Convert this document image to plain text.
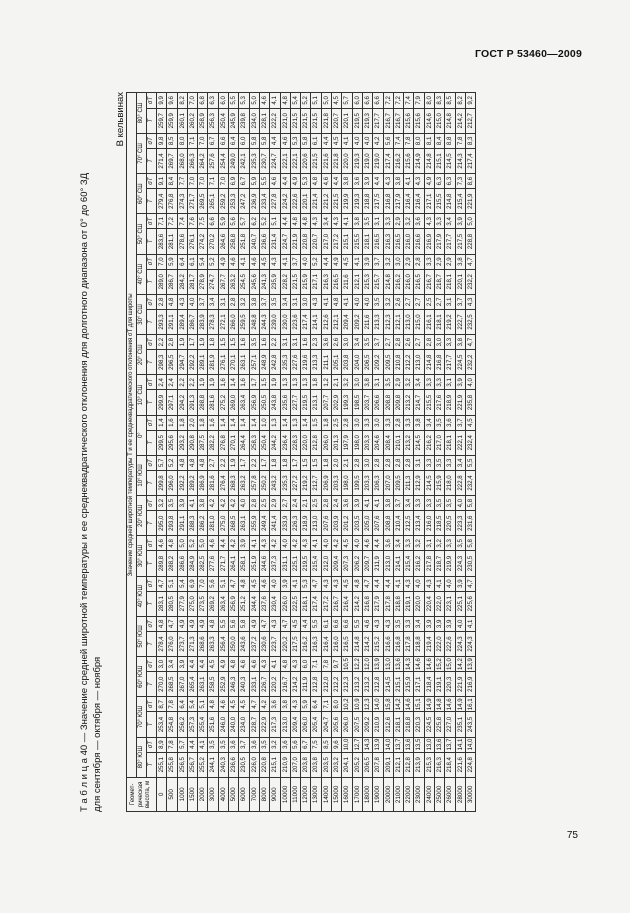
ГОСТ Р 53460—2009
Т а б л и ц а 40 — Значение средней широтной температуры и ее среднеквадратического отклонения для долготного диапазона от 0° до 60° ЗД для сентября — октября — ноября
В кельвинах
Геомет- рическая высота, м	Значение средней широтной температуры T и ее среднеквадратического отклонения σT для широты																																	
	80° ЮШ		70° ЮШ		60° ЮШ		50° ЮШ		40° ЮШ		30° ЮШ		20° ЮШ		10° ЮШ		0°		10° СШ		20° СШ		30° СШ		40° СШ		50° СШ		60° СШ		70° СШ		80° СШ	
	T	σT	T	σT	T	σT	T	σT	T	σT	T	σT	T	σT	T	σT	T	σT	T	σT	T	σT	T	σT	T	σT	T	σT	T	σT	T	σT	T	σT
0	255,1	8,9	253,4	8,7	270,0	3,0	278,4	4,8	283,1	4,7	289,8	4,6	295,0	3,2	299,8	5,7	299,5	1,4	299,9	2,4	298,3	2,2	293,3	2,8	289,0	7,0	283,6	7,1	279,4	9,1	271,4	9,8	259,7	9,9
500	255,8	7,8	254,8	7,8	268,5	3,4	276,0	4,7	280,5	5,1	288,2	4,8	293,8	3,5	296,0	5,2	295,6	1,6	297,1	2,4	296,5	2,8	291,1	4,8	286,7	5,9	281,1	7,2	276,8	8,4	269,7	8,5	259,9	9,6
1000	256,5	5,7	256,2	6,4	267,0	3,9	273,7	4,9	277,9	5,4	286,6	5,0	291,1	3,9	292,2	4,8	293,2	1,8	294,2	2,2	294,7	1,9	289,4	4,3	284,2	6,4	278,6	7,4	274,3	7,7	268,0	8,0	260,1	8,2
1500	256,7	4,4	257,3	5,4	265,4	4,4	271,3	4,9	275,0	6,9	284,9	5,2	288,3	4,1	289,2	4,8	290,8	2,0	291,3	2,2	292,2	1,7	286,7	4,0	281,7	6,1	276,1	7,6	271,7	7,0	266,3	7,1	260,2	7,0
2000	255,2	4,1	255,4	5,1	263,1	4,4	268,6	4,9	273,5	7,0	282,5	5,0	286,2	3,8	286,9	4,8	287,5	1,8	288,8	1,9	289,1	1,9	283,9	3,7	278,9	5,4	274,2	7,5	269,5	7,0	264,2	7,0	258,9	6,8
3000	244,1	3,5	251,6	4,8	258,5	4,5	263,3	4,8	269,2	5,6	277,6	4,6	281,0	4,2	281,6	2,7	282,2	1,6	281,6	1,9	281,9	1,8	278,3	3,4	274,7	5,2	270,2	6,6	265,1	7,1	257,6	6,7	256,3	6,3
4000	240,3	3,5	246,0	4,6	252,9	4,9	256,4	5,5	263,4	5,1	271,7	4,4	275,0	4,2	276,4	2,2	276,8	1,4	275,2	1,6	276,1	1,5	272,1	3,1	267,7	4,9	264,6	5,9	259,2	7,0	254,4	6,6	250,4	6,0
5000	236,6	3,6	240,0	4,5	246,3	4,8	250,0	5,6	256,9	4,7	264,1	4,2	268,5	4,2	268,3	1,9	270,1	1,4	269,0	1,4	270,1	1,5	266,0	2,8	263,2	4,6	258,8	5,6	253,3	6,9	249,0	6,4	245,9	5,5
6000	230,5	3,7	234,0	4,5	240,3	4,6	243,6	5,8	251,2	4,8	258,1	3,9	263,1	4,0	263,2	1,7	264,4	1,4	263,4	1,6	263,1	1,6	259,5	3,2	254,5	4,1	251,8	5,7	247,2	6,7	242,1	6,0	239,8	5,3
7000	226,0	3,6	228,7	4,7	233,1	4,6	237,2	4,9	244,4	4,5	251,9	4,1	255,9	2,8	257,8	2,2	258,3	1,4	256,9	1,7	257,1	3,5	248,8	3,8	245,6	4,6	240,7	6,2	236,9	5,9	235,3	5,8	234,0	5,0
8000	220,8	3,5	222,9	4,2	226,7	4,3	230,6	4,7	237,6	4,6	244,6	4,3	249,4	2,5	250,2	1,7	250,4	1,0	250,5	1,5	248,9	1,6	244,3	3,7	241,3	4,5	236,6	5,2	233,4	5,5	230,7	5,8	228,1	4,6
9000	215,1	3,2	217,3	3,6	220,2	4,1	223,7	4,3	230,4	4,0	237,3	4,2	241,4	2,9	243,2	1,8	244,2	1,3	243,8	1,9	242,8	2,2	239,0	3,5	235,9	4,3	231,4	5,1	227,8	4,6	224,7	4,4	222,2	4,1
10000	210,9	3,6	213,0	3,8	216,7	4,8	220,2	4,7	226,0	3,9	231,1	4,0	233,9	2,7	235,3	1,8	236,4	1,4	235,6	1,3	235,3	3,1	230,0	3,4	228,2	4,1	224,7	4,4	224,2	4,4	222,1	4,6	221,0	4,8
11000	207,0	5,6	209,4	4,3	214,2	4,3	217,5	4,5	222,5	4,1	225,1	4,2	226,3	2,4	227,2	1,7	228,3	1,3	227,7	1,3	227,6	3,1	223,6	3,1	221,5	3,7	221,9	4,8	222,6	4,9	222,1	5,3	221,5	5,4
12000	203,8	6,7	206,0	5,9	211,9	6,0	216,2	4,4	218,1	5,3	219,5	4,3	218,9	2,1	219,2	1,5	220,0	1,4	219,5	1,3	219,6	1,6	217,4	3,0	215,9	4,0	220,8	4,8	220,1	5,3	220,6	5,8	221,5	5,2
13000	203,8	7,5	205,4	6,4	212,8	7,1	216,3	5,5	217,4	4,7	215,4	4,1	213,0	2,5	212,7	1,5	212,8	1,5	213,1	1,8	213,3	2,3	214,1	4,3	217,1	5,2	220,7	4,3	221,4	4,8	221,5	6,1	221,5	5,1
14000	203,5	8,5	204,7	7,1	212,0	7,8	216,4	6,1	217,2	4,3	212,0	4,0	207,6	2,8	206,9	1,8	206,0	1,8	207,7	1,2	211,1	3,6	212,6	4,1	216,3	4,4	217,0	3,4	221,2	4,6	221,6	4,4	221,8	5,0
15000	203,2	9,6	205,6	8,0	212,2	9,7	216,0	6,6	216,7	4,3	209,4	4,2	203,9	2,4	203,3	2,0	201,3	2,5	202,9	2,1	205,1	2,6	212,1	4,8	216,5	4,9	217,2	4,3	221,5	4,4	221,8	4,5	220,7	4,5
16000	204,1	10,0	206,0	10,2	212,3	10,5	216,5	6,6	216,4	4,5	207,3	4,5	201,2	3,6	198,0	2,1	197,9	2,8	199,3	3,2	203,8	3,0	209,4	4,1	211,6	4,5	215,1	4,1	219,9	3,8	220,0	4,1	220,1	5,7
17000	205,2	12,7	207,5	10,9	213,2	12,2	214,8	5,5	214,2	4,8	206,2	4,0	203,5	3,9	199,5	2,8	198,0	3,0	198,5	3,0	204,0	3,4	209,2	4,0	212,1	4,1	215,5	3,8	219,3	3,6	219,3	4,0	219,5	6,0
18000	206,5	14,3	209,2	12,3	213,2	12,0	214,2	4,6	216,8	4,7	209,7	4,6	205,0	4,1	203,3	3,0	203,3	3,3	203,7	3,8	206,5	3,5	211,6	4,0	215,3	3,9	218,1	3,5	218,8	3,9	219,0	4,0	219,3	6,6
19000	207,8	13,9	210,9	14,0	212,8	13,9	215,2	4,3	217,9	4,4	211,9	4,4	207,6	4,1	206,3	2,8	204,6	3,0	206,6	3,1	209,2	3,7	213,3	3,5	215,7	3,7	216,5	3,1	217,5	4,4	219,0	4,2	217,7	6,6
20000	209,1	14,0	212,6	15,8	214,5	13,0	216,6	4,3	217,8	4,4	213,0	3,6	208,8	3,8	207,0	2,8	208,4	3,3	208,8	3,5	209,5	2,7	212,3	3,2	214,8	3,2	216,3	3,3	216,8	4,3	217,4	5,6	216,7	7,2
21000	212,1	13,7	218,1	14,2	215,1	13,6	216,8	3,5	218,8	4,1	214,1	3,4	210,4	3,7	209,5	2,8	210,1	2,8	209,8	2,9	210,8	2,8	212,1	2,6	216,2	3,0	216,5	2,9	217,9	3,8	216,2	7,4	216,7	7,2
22000	212,8	13,6	218,8	14,6	215,9	14,3	217,8	3,3	219,1	4,3	215,4	3,3	212,5	3,4	211,3	2,8	213,2	3,3	213,2	3,2	212,2	2,6	213,0	2,7	216,0	2,9	216,0	3,2	216,4	4,1	215,6	7,8	215,6	7,4
23000	213,9	13,5	220,3	15,1	217,1	14,6	218,8	3,4	220,0	4,0	216,2	3,2	213,4	3,3	212,9	3,1	214,5	3,8	214,7	3,4	213,0	2,7	215,0	2,7	216,5	2,8	216,6	3,6	216,4	4,3	214,9	8,0	215,6	7,9
24000	215,3	13,0	224,5	14,9	218,4	14,6	219,4	3,9	220,4	4,3	217,8	3,1	216,0	3,3	214,5	3,3	216,2	3,4	215,5	3,3	214,8	2,8	216,1	2,5	216,7	3,3	216,9	4,3	217,1	4,9	214,8	8,1	214,6	8,0
25000	216,3	13,6	225,8	14,8	219,1	15,2	222,0	3,9	222,0	4,1	218,7	3,2	218,5	3,5	215,9	3,5	217,0	3,5	217,6	3,3	216,8	3,0	218,1	2,7	218,7	2,9	217,9	3,3	215,5	6,3	215,1	8,4	215,0	8,3
26000	218,4	13,7	227,0	14,6	220,3	15,0	222,6	3,9	223,1	4,0	219,9	3,3	220,5	3,5	218,0	3,3	218,1	3,6	218,9	3,1	217,7	3,3	219,2	3,1	218,1	2,9	217,7	3,4	214,8	6,3	214,5	8,8	214,8	8,5
28000	221,6	14,1	235,1	14,9	221,9	14,2	224,3	4,0	225,1	3,9	224,3	3,5	223,3	4,0	222,8	3,4	222,1	3,7	221,9	3,9	224,5	3,8	222,7	3,7	220,1	3,8	217,5	3,9	215,4	7,3	214,3	7,8	214,2	8,2
30000	224,8	14,0	243,5	16,1	216,9	13,9	224,3	4,1	225,6	4,7	230,5	5,8	231,6	5,8	232,4	5,5	232,4	4,5	235,8	4,0	232,2	4,7	232,5	4,3	232,2	4,7	228,8	5,0	221,9	8,6	217,4	8,3	212,7	9,2
75
